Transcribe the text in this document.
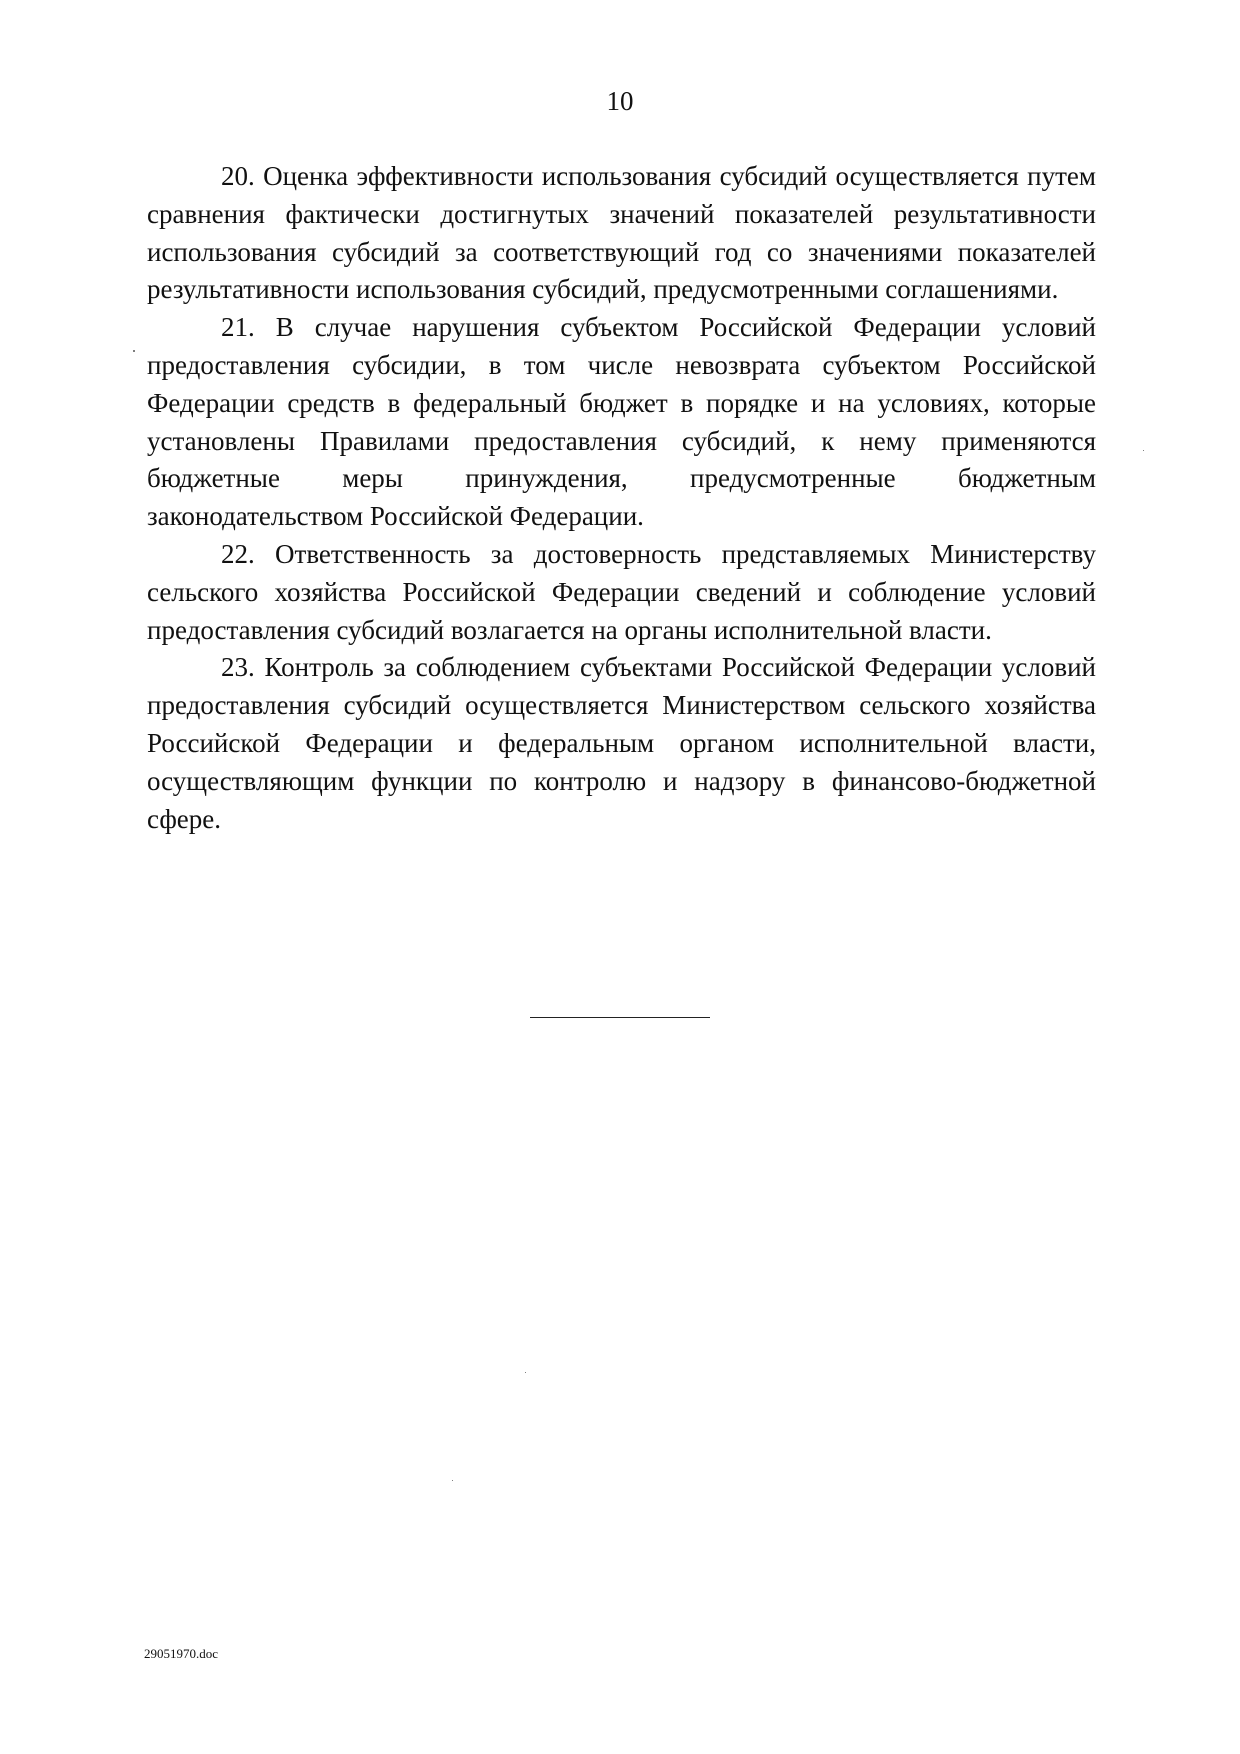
10

20. Оценка эффективности использования субсидий осуществляется путем сравнения фактически достигнутых значений показателей результативности использования субсидий за соответствующий год со значениями показателей результативности использования субсидий, предусмотренными соглашениями.

21. В случае нарушения субъектом Российской Федерации условий предоставления субсидии, в том числе невозврата субъектом Российской Федерации средств в федеральный бюджет в порядке и на условиях, которые установлены Правилами предоставления субсидий, к нему применяются бюджетные меры принуждения, предусмотренные бюджетным законодательством Российской Федерации.

22. Ответственность за достоверность представляемых Министерству сельского хозяйства Российской Федерации сведений и соблюдение условий предоставления субсидий возлагается на органы исполнительной власти.

23. Контроль за соблюдением субъектами Российской Федерации условий предоставления субсидий осуществляется Министерством сельского хозяйства Российской Федерации и федеральным органом исполнительной власти, осуществляющим функции по контролю и надзору в финансово-бюджетной сфере.

29051970.doc
